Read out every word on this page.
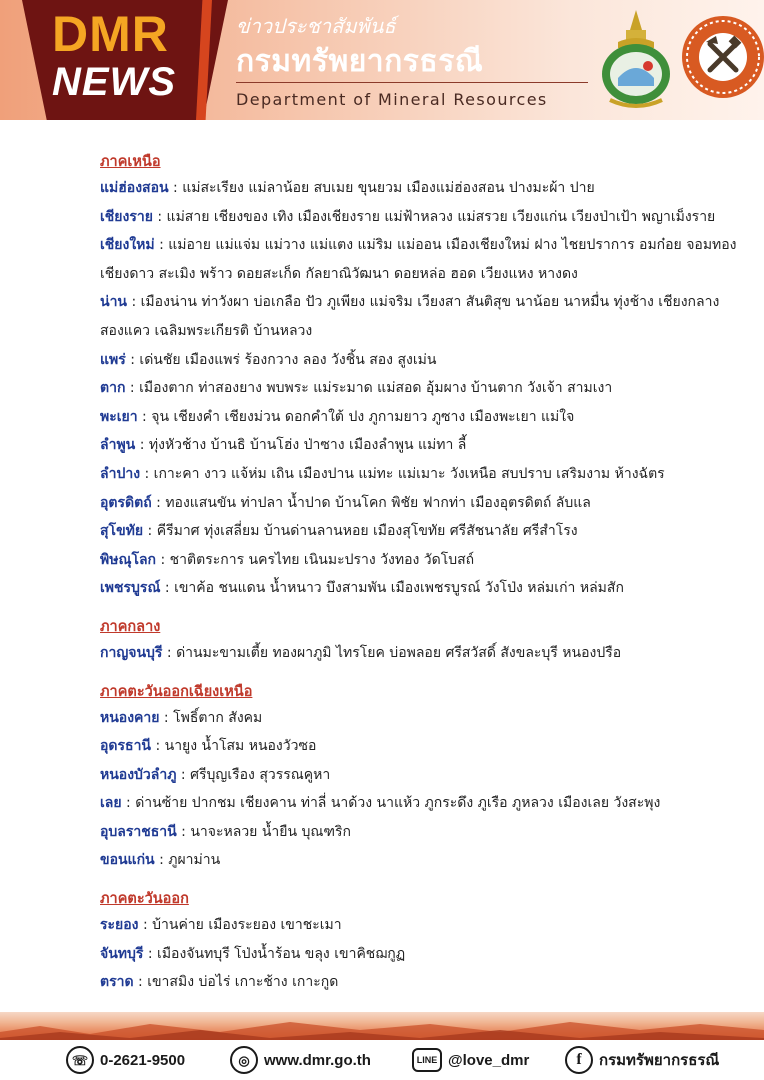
DMR
NEWS
ข่าวประชาสัมพันธ์
กรมทรัพยากรธรณี
Department of Mineral Resources
ภาคเหนือ
แม่ฮ่องสอน : แม่สะเรียง แม่ลาน้อย สบเมย ขุนยวม เมืองแม่ฮ่องสอน ปางมะผ้า ปาย
เชียงราย : แม่สาย เชียงของ เทิง เมืองเชียงราย แม่ฟ้าหลวง แม่สรวย เวียงแก่น เวียงป่าเป้า พญาเม็งราย
เชียงใหม่ : แม่อาย แม่แจ่ม แม่วาง แม่แตง แม่ริม แม่ออน เมืองเชียงใหม่ ฝาง ไชยปราการ อมก๋อย จอมทอง
เชียงดาว สะเมิง พร้าว ดอยสะเก็ด กัลยาณิวัฒนา ดอยหล่อ ฮอด เวียงแหง หางดง
น่าน : เมืองน่าน ท่าวังผา บ่อเกลือ ปัว ภูเพียง แม่จริม เวียงสา สันติสุข นาน้อย นาหมื่น ทุ่งช้าง เชียงกลาง
สองแคว เฉลิมพระเกียรติ บ้านหลวง
แพร่ : เด่นชัย เมืองแพร่ ร้องกวาง ลอง วังชิ้น สอง สูงเม่น
ตาก : เมืองตาก ท่าสองยาง พบพระ แม่ระมาด แม่สอด อุ้มผาง บ้านตาก วังเจ้า สามเงา
พะเยา : จุน เชียงคำ เชียงม่วน ดอกคำใต้ ปง ภูกามยาว ภูซาง เมืองพะเยา แม่ใจ
ลำพูน : ทุ่งหัวช้าง บ้านธิ บ้านโฮ่ง ป่าซาง เมืองลำพูน แม่ทา ลี้
ลำปาง : เกาะคา งาว แจ้ห่ม เถิน เมืองปาน แม่ทะ แม่เมาะ วังเหนือ สบปราบ เสริมงาม ห้างฉัตร
อุตรดิตถ์ : ทองแสนขัน ท่าปลา น้ำปาด บ้านโคก พิชัย ฟากท่า เมืองอุตรดิตถ์ ลับแล
สุโขทัย : คีรีมาศ ทุ่งเสลี่ยม บ้านด่านลานหอย เมืองสุโขทัย ศรีสัชนาลัย ศรีสำโรง
พิษณุโลก : ชาติตระการ นครไทย เนินมะปราง วังทอง วัดโบสถ์
เพชรบูรณ์ : เขาค้อ ชนแดน น้ำหนาว บึงสามพัน เมืองเพชรบูรณ์ วังโป่ง หล่มเก่า หล่มสัก
ภาคกลาง
กาญจนบุรี : ด่านมะขามเตี้ย ทองผาภูมิ ไทรโยค บ่อพลอย ศรีสวัสดิ์ สังขละบุรี หนองปรือ
ภาคตะวันออกเฉียงเหนือ
หนองคาย : โพธิ์ตาก สังคม
อุดรธานี : นายูง น้ำโสม หนองวัวซอ
หนองบัวลำภู : ศรีบุญเรือง สุวรรณคูหา
เลย : ด่านซ้าย ปากชม เชียงคาน ท่าลี่ นาด้วง นาแห้ว ภูกระดึง ภูเรือ ภูหลวง เมืองเลย วังสะพุง
อุบลราชธานี : นาจะหลวย น้ำยืน บุณฑริก
ขอนแก่น : ภูผาม่าน
ภาคตะวันออก
ระยอง : บ้านค่าย เมืองระยอง เขาชะเมา
จันทบุรี : เมืองจันทบุรี โป่งน้ำร้อน ขลุง เขาคิชฌกูฏ
ตราด : เขาสมิง บ่อไร่ เกาะช้าง เกาะกูด
☏ 0-2621-9500	◎ www.dmr.go.th	LINE @love_dmr	f	กรมทรัพยากรธรณี
